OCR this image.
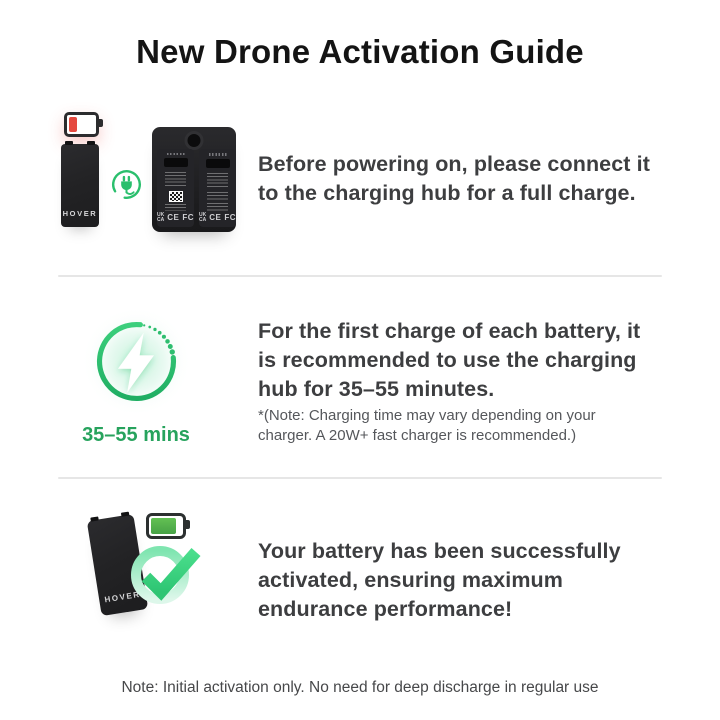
New Drone Activation Guide
HOVER	UK
CA CE FC UK
CA CE FC
Before powering on, please connect it
to the charging hub for a full charge.
35–55 mins
For the first charge of each battery, it
is recommended to use the charging
hub for 35–55 minutes.
*(Note: Charging time may vary depending on your
charger. A 20W+ fast charger is recommended.)
HOVER
Your battery has been successfully
activated, ensuring maximum
endurance performance!
Note: Initial activation only. No need for deep discharge in regular use
